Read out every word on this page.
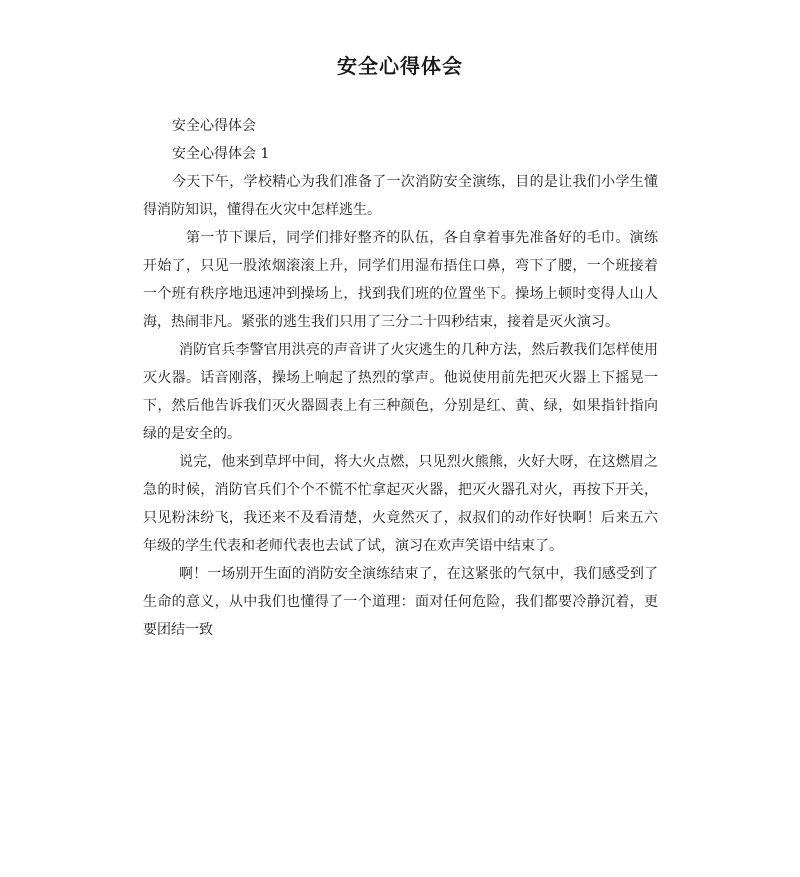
安全心得体会

安全心得体会

安全心得体会 1

今天下午，学校精心为我们准备了一次消防安全演练，目的是让我们小学生懂得消防知识，懂得在火灾中怎样逃生。

第一节下课后，同学们排好整齐的队伍，各自拿着事先准备好的毛巾。演练开始了，只见一股浓烟滚滚上升，同学们用湿布捂住口鼻，弯下了腰，一个班接着一个班有秩序地迅速冲到操场上，找到我们班的位置坐下。操场上顿时变得人山人海，热闹非凡。紧张的逃生我们只用了三分二十四秒结束，接着是灭火演习。

消防官兵李警官用洪亮的声音讲了火灾逃生的几种方法，然后教我们怎样使用灭火器。话音刚落，操场上响起了热烈的掌声。他说使用前先把灭火器上下摇晃一下，然后他告诉我们灭火器圆表上有三种颜色，分别是红、黄、绿，如果指针指向绿的是安全的。

说完，他来到草坪中间，将大火点燃，只见烈火熊熊，火好大呀，在这燃眉之急的时候，消防官兵们个个不慌不忙拿起灭火器，把灭火器孔对火，再按下开关，只见粉沫纷飞，我还来不及看清楚，火竟然灭了，叔叔们的动作好快啊！后来五六年级的学生代表和老师代表也去试了试，演习在欢声笑语中结束了。

啊！一场别开生面的消防安全演练结束了，在这紧张的气氛中，我们感受到了生命的意义，从中我们也懂得了一个道理：面对任何危险，我们都要冷静沉着，更要团结一致
